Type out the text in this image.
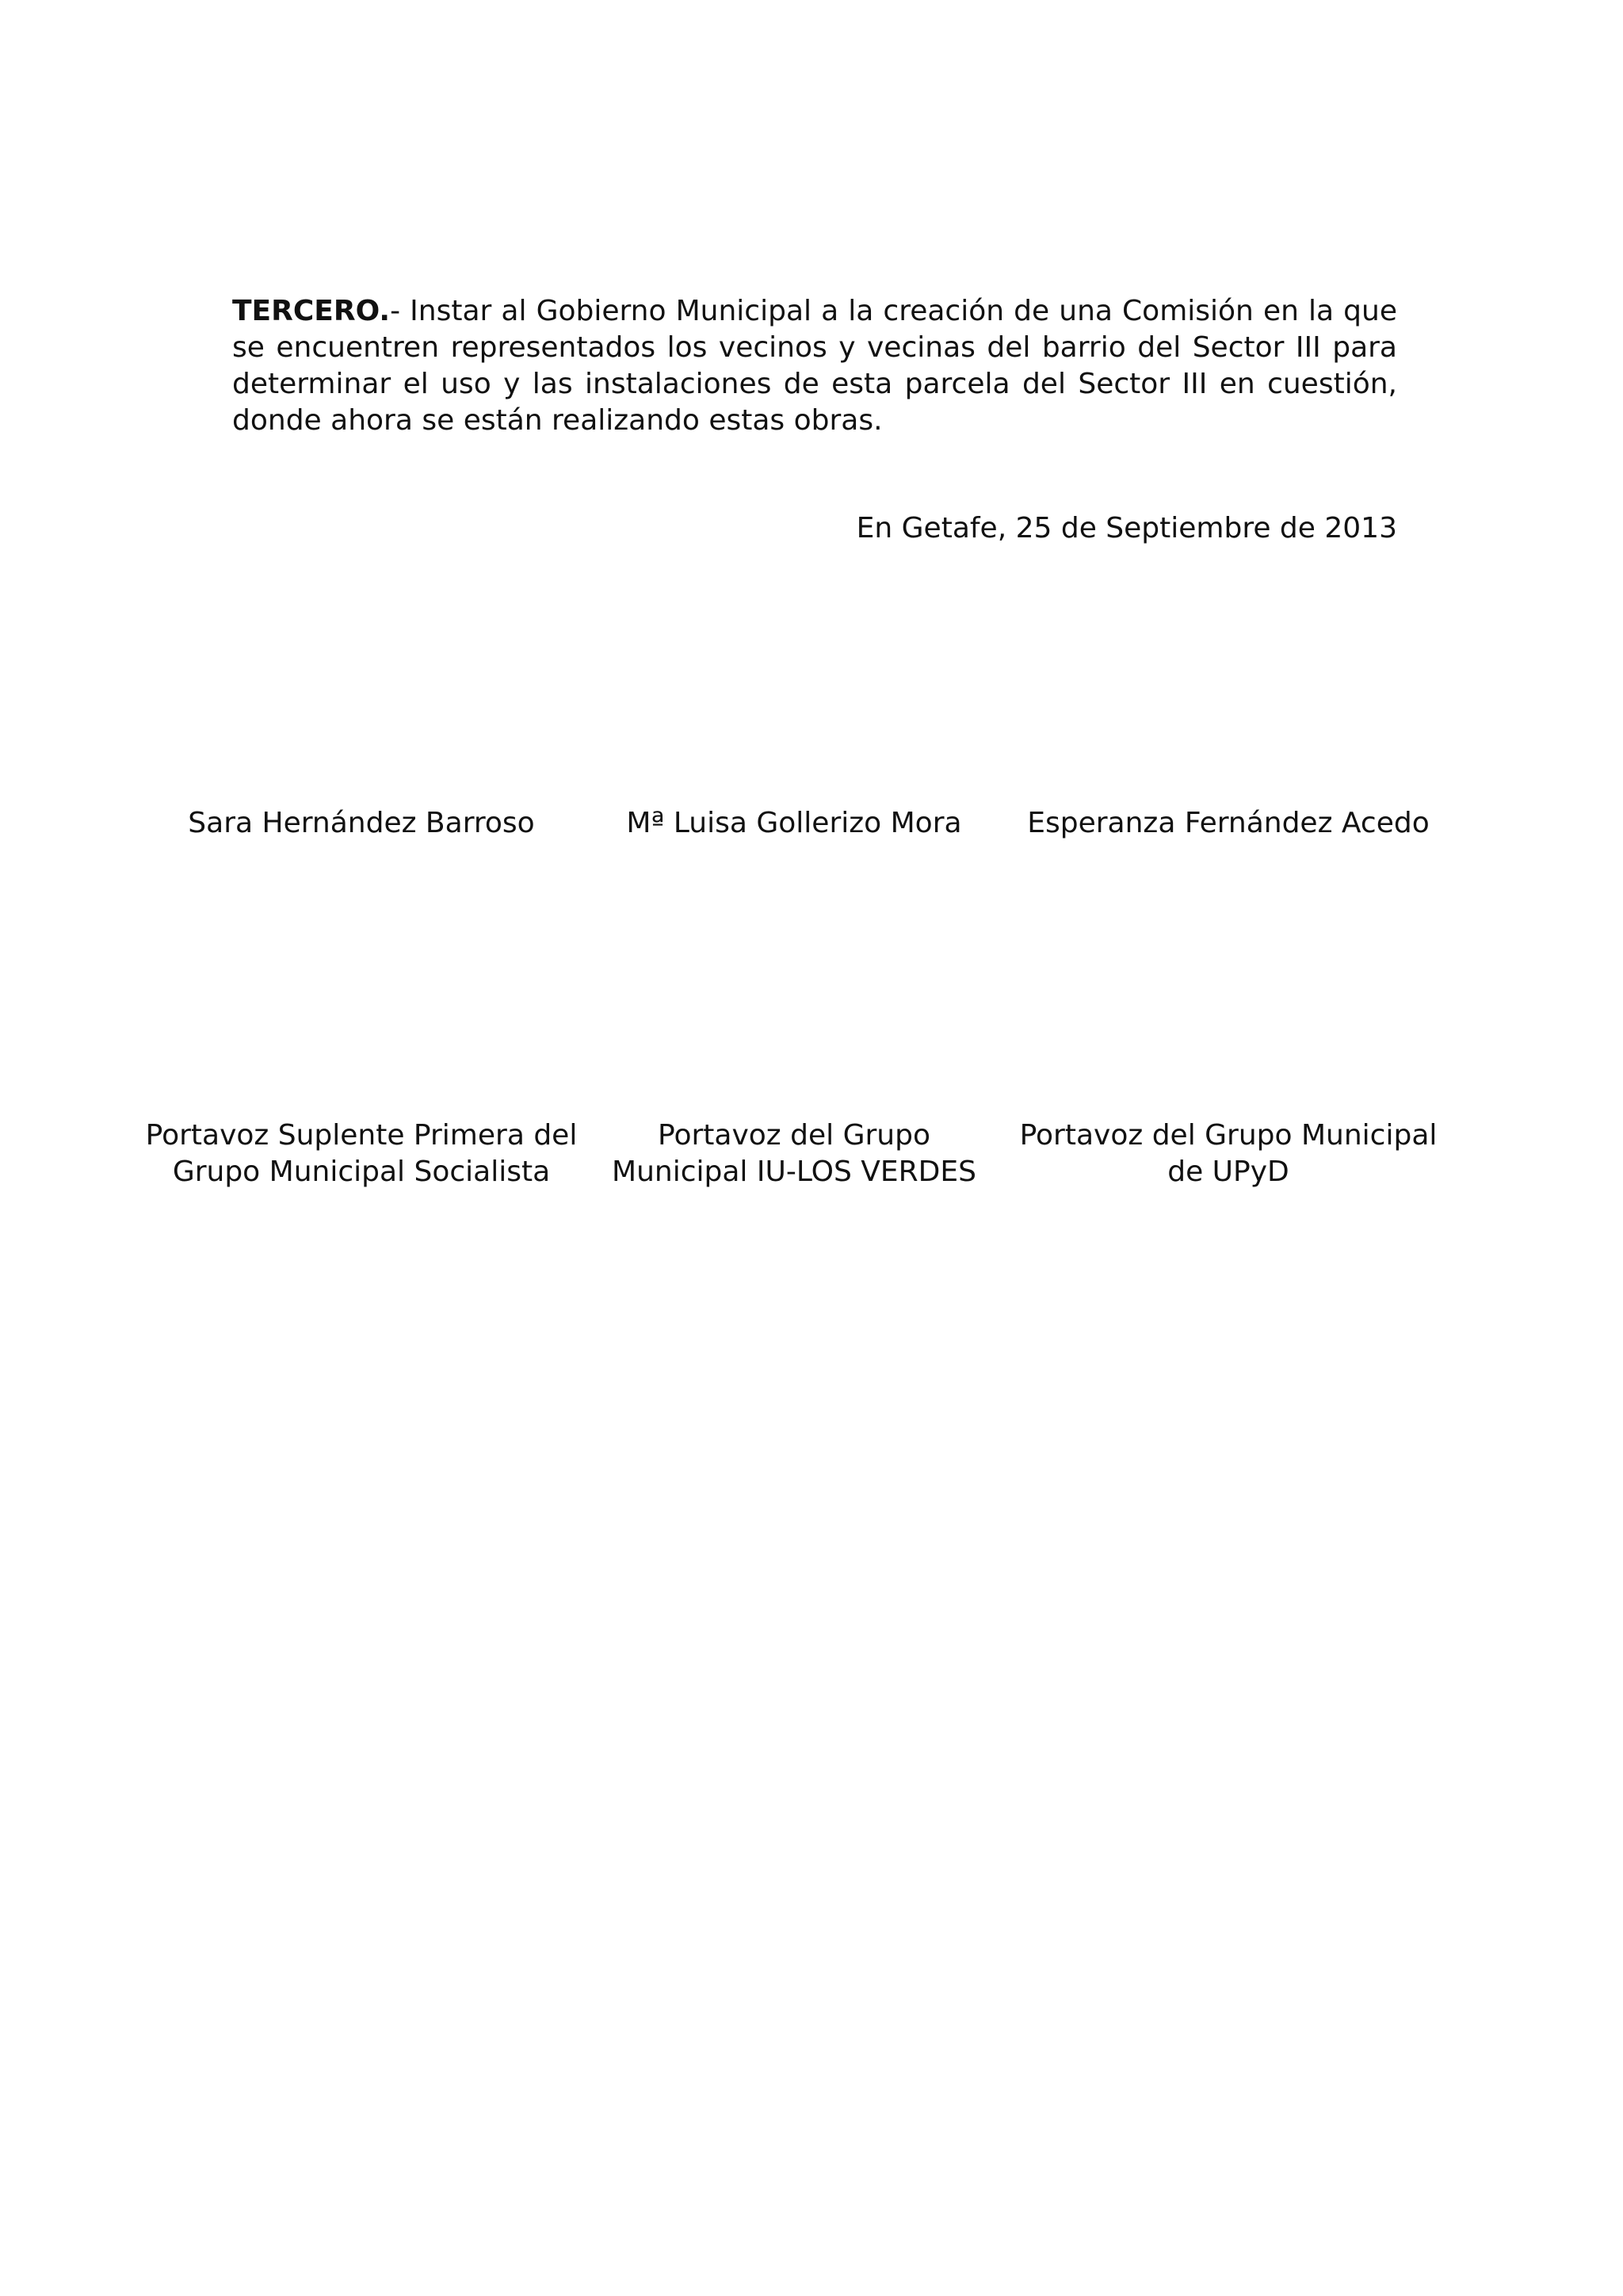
TERCERO.- Instar al Gobierno Municipal a la creación de una Comisión en la que se encuentren representados los vecinos y vecinas del barrio del Sector III para determinar el uso y las instalaciones de esta parcela del Sector III en cuestión, donde ahora se están realizando estas obras.

En Getafe, 25 de Septiembre de 2013
Sara Hernández Barroso	Mª Luisa Gollerizo Mora	Esperanza Fernández Acedo
Portavoz Suplente Primera del
Grupo Municipal Socialista
Portavoz del Grupo
Municipal IU-LOS VERDES
Portavoz del Grupo Municipal
de UPyD
